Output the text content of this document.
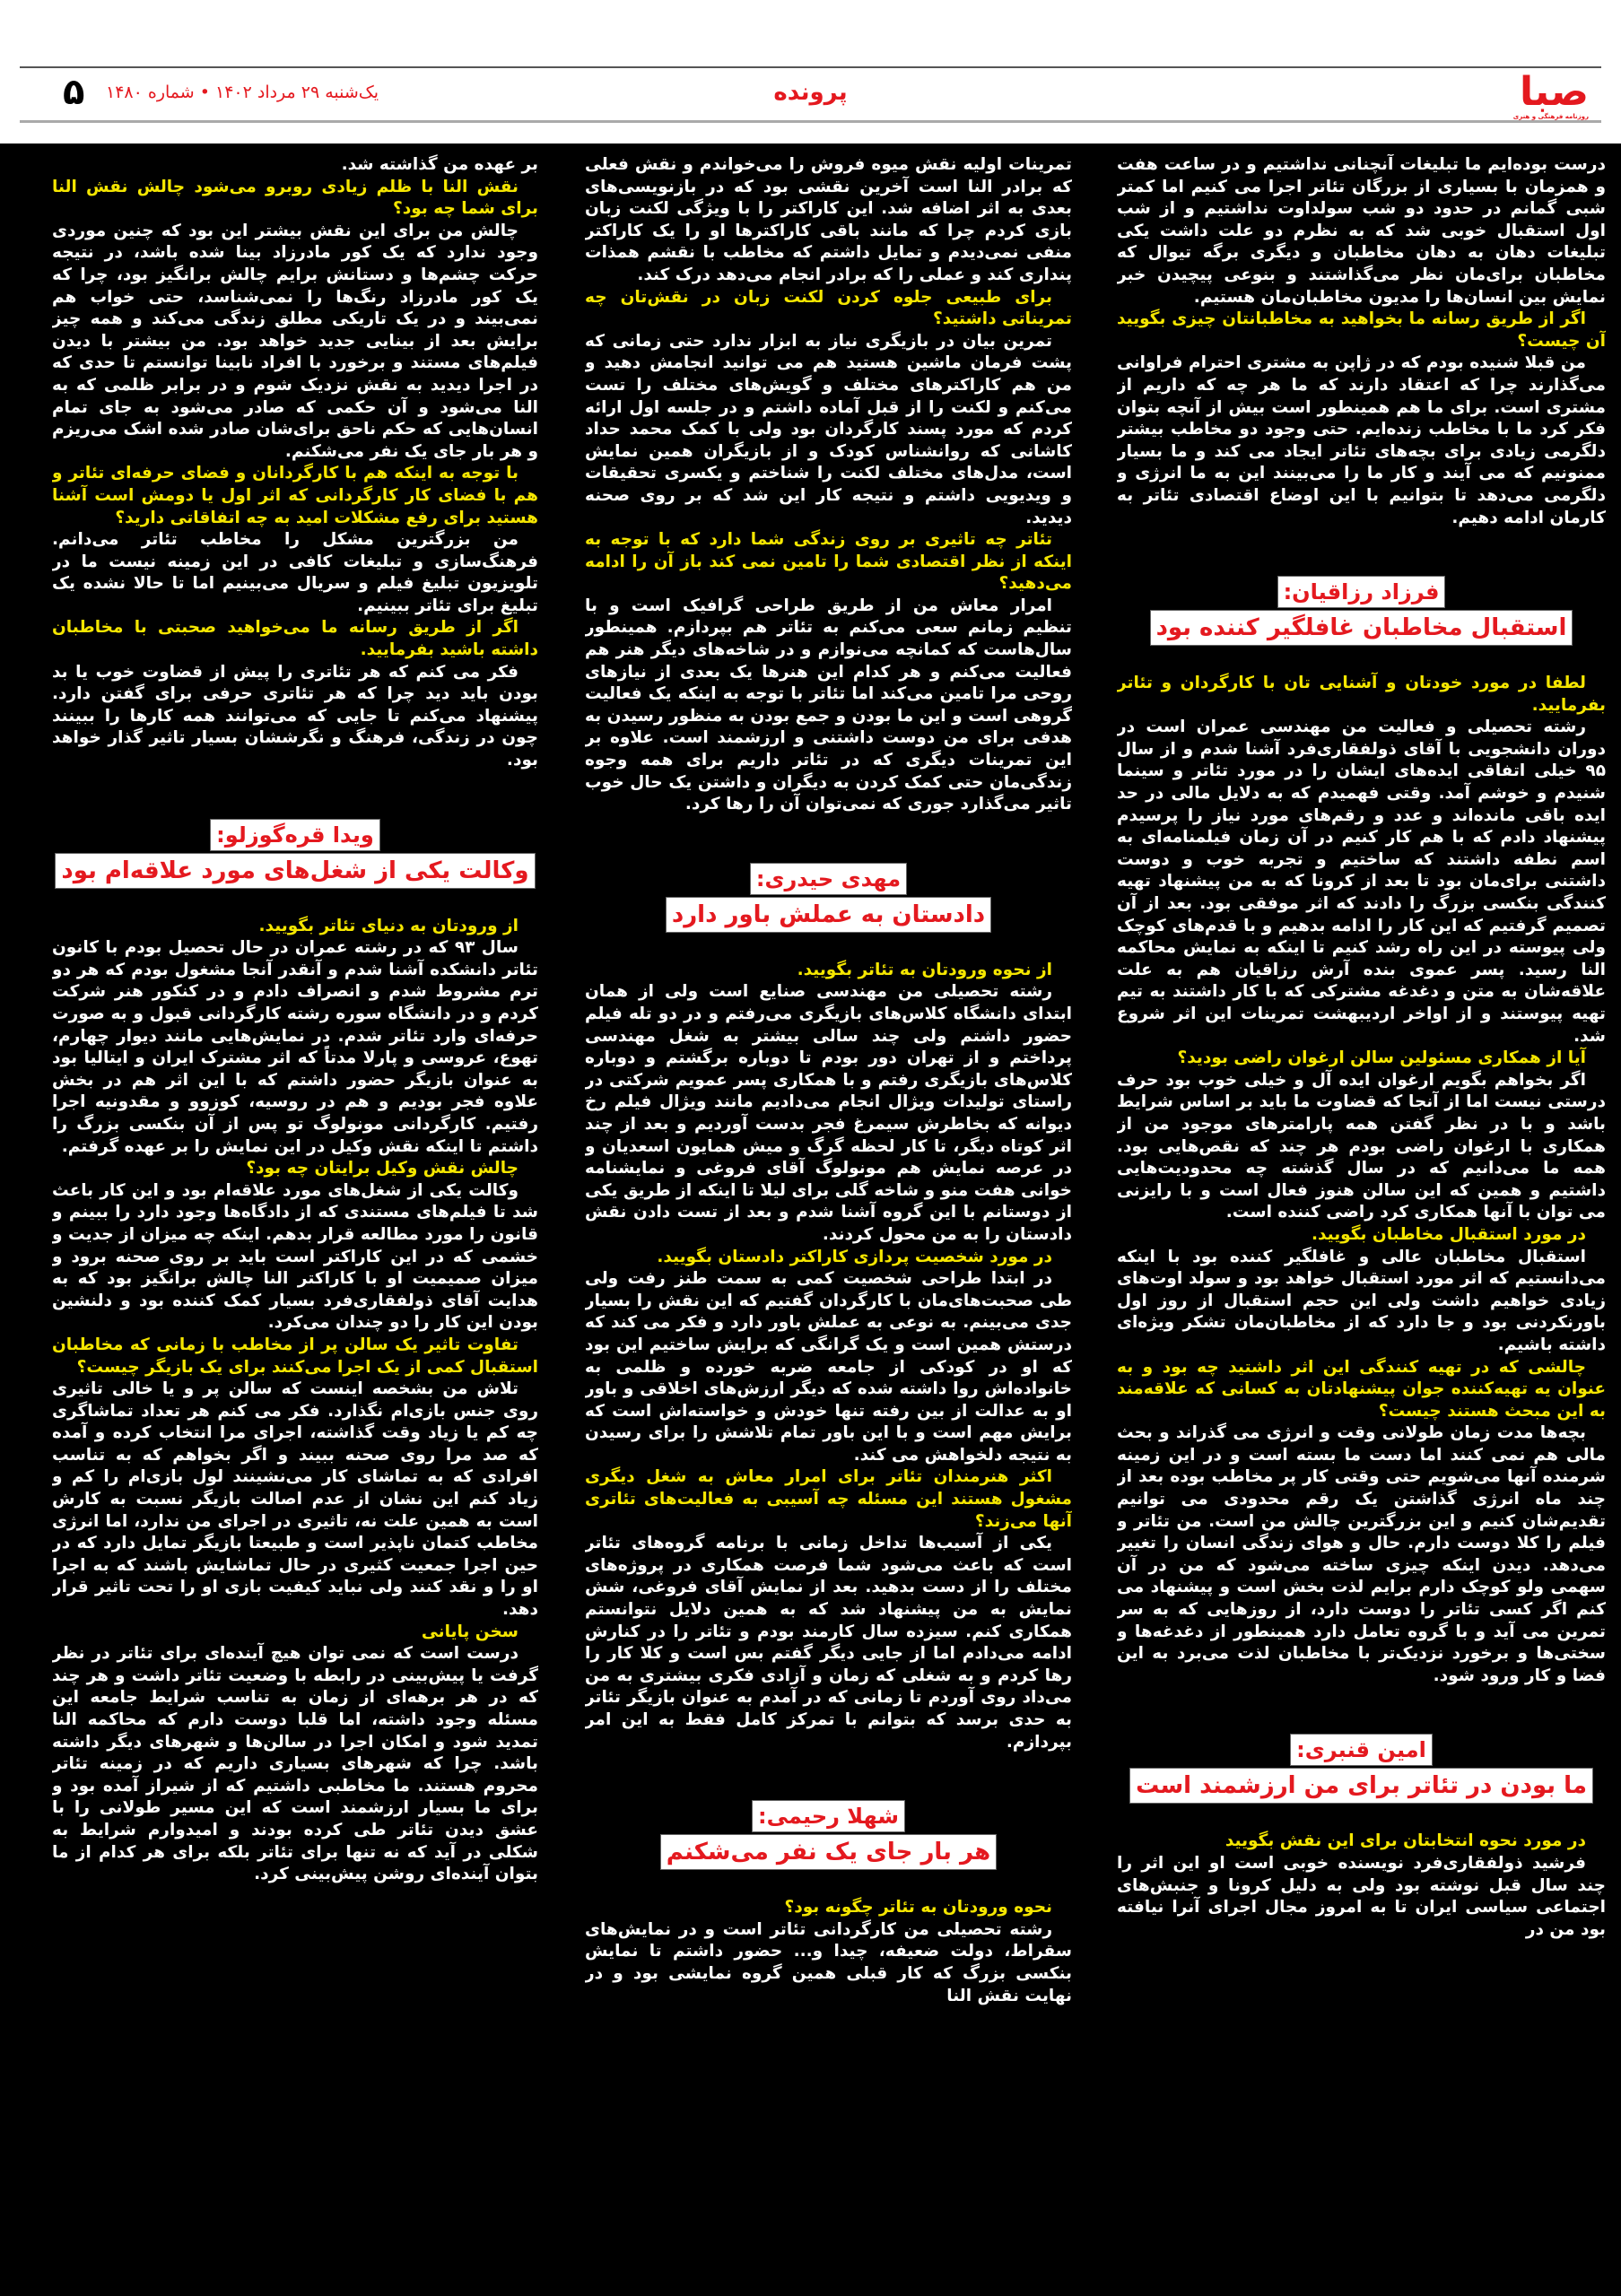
صبا
روزنامه فرهنگی و هنری
پرونده
یک‌شنبه ۲۹ مرداد ۱۴۰۲ • شماره ۱۴۸۰
۵

درست بوده‌ایم ما تبلیغات آنچنانی نداشتیم و در ساعت هفت و همزمان با بسیاری از بزرگان تئاتر اجرا می کنیم اما کمتر شبی گمانم در حدود دو شب سولداوت نداشتیم و از شب اول استقبال خوبی شد که به نظرم دو علت داشت یکی تبلیغات دهان به دهان مخاطبان و دیگری برگه تیوال که مخاطبان برای‌مان نظر می‌گذاشتند و بنوعی پیچیدن خبر نمایش بین انسان‌ها را مدیون مخاطبان‌مان هستیم.

اگر از طریق رسانه ما بخواهید به مخاطبانتان چیزی بگویید آن چیست؟

من قبلا شنیده بودم که در ژاپن به مشتری احترام فراوانی می‌گذارند چرا که اعتقاد دارند که ما هر چه که داریم از مشتری است. برای ما هم همینطور است بیش از آنچه بتوان فکر کرد ما با مخاطب زنده‌ایم. حتی وجود دو مخاطب بیشتر دلگرمی زیادی برای بچه‌های تئاتر ایجاد می کند و ما بسیار ممنونیم که می آیند و کار ما را می‌بینند این به ما انرژی و دلگرمی می‌دهد تا بتوانیم با این اوضاع اقتصادی تئاتر به کارمان ادامه دهیم.

فرزاد رزاقیان:
استقبال مخاطبان غافلگیر کننده بود

لطفا در مورد خودتان و آشنایی تان با کارگردان و تئاتر بفرمایید.

رشته تحصیلی و فعالیت من مهندسی عمران است در دوران دانشجویی با آقای ذولفقاری‌فرد آشنا شدم و از سال ۹۵ خیلی اتفاقی ایده‌های ایشان را در مورد تئاتر و سینما شنیدم و خوشم آمد. وقتی فهمیدم که به دلایل مالی در حد ایده باقی مانده‌اند و عدد و رقم‌های مورد نیاز را پرسیدم پیشنهاد دادم که با هم کار کنیم در آن زمان فیلمنامه‌ای به اسم نطفه داشتند که ساختیم و تجربه خوب و دوست داشتنی برای‌مان بود تا بعد از کرونا که به من پیشنهاد تهیه کنندگی بنکسی بزرگ را دادند که اثر موفقی بود. بعد از آن تصمیم گرفتیم که این کار را ادامه بدهیم و با قدم‌های کوچک ولی پیوسته در این راه رشد کنیم تا اینکه به نمایش محاکمه النا رسید. پسر عموی بنده آرش رزاقیان هم به علت علاقه‌شان به متن و دغدغه مشترکی که با کار داشتند به تیم تهیه پیوستند و از اواخر اردیبهشت تمرینات این اثر شروع شد.

آیا از همکاری مسئولین سالن ارغوان راضی بودید؟

اگر بخواهم بگویم ارغوان ایده آل و خیلی خوب بود حرف درستی نیست اما از آنجا که قضاوت ما باید بر اساس شرایط باشد و با در نظر گفتن همه پارامترهای موجود من از همکاری با ارغوان راضی بودم هر چند که نقص‌هایی بود. همه ما می‌دانیم که در سال گذشته چه محدودیت‌هایی داشتیم و همین که این سالن هنوز فعال است و با رایزنی می توان با آنها همکاری کرد راضی کننده است.

در مورد استقبال مخاطبان بگویید.

استقبال مخاطبان عالی و غافلگیر کننده بود با اینکه می‌دانستیم که اثر مورد استقبال خواهد بود و سولد اوت‌های زیادی خواهیم داشت ولی این حجم استقبال از روز اول باورنکردنی بود و جا دارد که از مخاطبان‌مان تشکر ویژه‌ای داشته باشیم.

چالشی که در تهیه کنندگی این اثر داشتید چه بود و به عنوان یه تهیه‌کننده جوان پیشنهادتان به کسانی که علاقه‌مند به این مبحث هستند چیست؟

بچه‌ها مدت زمان طولانی وقت و انرژی می گذراند و بحث مالی هم نمی کنند اما دست ما بسته است و در این زمینه شرمنده آنها می‌شویم حتی وقتی کار پر مخاطب بوده بعد از چند ماه انرژی گذاشتن یک رقم محدودی می توانیم تقدیم‌شان کنیم و این بزرگترین چالش من است. من تئاتر و فیلم را کلا دوست دارم. حال و هوای زندگی انسان را تغییر می‌دهد. دیدن اینکه چیزی ساخته می‌شود که من در آن سهمی ولو کوچک دارم برایم لذت بخش است و پیشنهاد می کنم اگر کسی تئاتر را دوست دارد، از روزهایی که به سر تمرین می آید و با گروه تعامل دارد همینطور از دغدغه‌ها و سختی‌ها و برخورد نزدیک‌تر با مخاطبان لذت می‌برد به این فضا و کار ورود شود.

امین قنبری:
ما بودن در تئاتر برای من ارزشمند است

در مورد نحوه انتخابتان برای این نقش بگویید

فرشید ذولفقاری‌فرد نویسنده خوبی است او این اثر را چند سال قبل نوشته بود ولی به دلیل کرونا و جنبش‌های اجتماعی سیاسی ایران تا به امروز مجال اجرای آنرا نیافته بود من در

تمرینات اولیه نقش میوه فروش را می‌خواندم و نقش فعلی که برادر النا است آخرین نقشی بود که در بازنویسی‌های بعدی به اثر اضافه شد. این کاراکتر را با ویژگی لکنت زبان بازی کردم چرا که مانند باقی کاراکترها او را یک کاراکتر منفی نمی‌دیدم و تمایل داشتم که مخاطب با نقشم همذات پنداری کند و عملی را که برادر انجام می‌دهد درک کند.

برای طبیعی جلوه کردن لکنت زبان در نقش‌تان چه تمریناتی داشتید؟

تمرین بیان در بازیگری نیاز به ابزار ندارد حتی زمانی که پشت فرمان ماشین هستید هم می توانید انجامش دهید و من هم کاراکترهای مختلف و گویش‌های مختلف را تست می‌کنم و لکنت را از قبل آماده داشتم و در جلسه اول ارائه کردم که مورد پسند کارگردان بود ولی با کمک محمد حداد کاشانی که روانشناس کودک و از بازیگران همین نمایش است، مدل‌های مختلف لکنت را شناختم و یکسری تحقیقات و ویدیویی داشتم و نتیجه کار این شد که بر روی صحنه دیدید.

تئاتر چه تاثیری بر روی زندگی شما دارد که با توجه به اینکه از نظر اقتصادی شما را تامین نمی کند باز آن را ادامه می‌دهید؟

امرار معاش من از طریق طراحی گرافیک است و با تنظیم زمانم سعی می‌کنم به تئاتر هم بپردازم. همینطور سال‌هاست که کمانچه می‌نوازم و در شاخه‌های دیگر هنر هم فعالیت می‌کنم و هر کدام این هنرها یک بعدی از نیازهای روحی مرا تامین می‌کند اما تئاتر با توجه به اینکه یک فعالیت گروهی است و این ما بودن و جمع بودن به منظور رسیدن به هدفی برای من دوست داشتنی و ارزشمند است. علاوه بر این تمرینات دیگری که در تئاتر داریم برای همه وجوه زندگی‌مان حتی کمک کردن به دیگران و داشتن یک حال خوب تاثیر می‌گذارد جوری که نمی‌توان آن را رها کرد.

مهدی حیدری:
دادستان به عملش باور دارد

از نحوه ورودتان به تئاتر بگویید.

رشته تحصیلی من مهندسی صنایع است ولی از همان ابتدای دانشگاه کلاس‌های بازیگری می‌رفتم و در دو تله فیلم حضور داشتم ولی چند سالی بیشتر به شغل مهندسی پرداختم و از تهران دور بودم تا دوباره برگشتم و دوباره کلاس‌های بازیگری رفتم و با همکاری پسر عمویم شرکتی در راستای تولیدات ویژال انجام می‌دادیم مانند ویژال فیلم رخ دیوانه که بخاطرش سیمرغ فجر بدست آوردیم و بعد از چند اثر کوتاه دیگر، تا کار لحظه گرگ و میش همایون اسعدیان و در عرصه نمایش هم مونولوگ آقای فروغی و نمایشنامه خوانی هفت منو و شاخه گلی برای لیلا تا اینکه از طریق یکی از دوستانم با این گروه آشنا شدم و بعد از تست دادن نقش دادستان را به من محول کردند.

در مورد شخصیت پردازی کاراکتر دادستان بگویید.

در ابتدا طراحی شخصیت کمی به سمت طنز رفت ولی طی صحبت‌های‌مان با کارگردان گفتیم که این نقش را بسیار جدی می‌بینم. به نوعی به عملش باور دارد و فکر می کند که درستش همین است و یک گرانگی که برایش ساختیم این بود که او در کودکی از جامعه ضربه خورده و ظلمی به خانواده‌اش روا داشته شده که دیگر ارزش‌های اخلاقی و باور او به عدالت از بین رفته تنها خودش و خواسته‌اش است که برایش مهم است و با این باور تمام تلاشش را برای رسیدن به نتیجه دلخواهش می کند.

اکثر هنرمندان تئاتر برای امرار معاش به شغل دیگری مشغول هستند این مسئله چه آسیبی به فعالیت‌های تئاتری آنها می‌زند؟

یکی از آسیب‌ها تداخل زمانی با برنامه گروه‌های تئاتر است که باعث می‌شود شما فرصت همکاری در پروژه‌های مختلف را از دست بدهید. بعد از نمایش آقای فروغی، شش نمایش به من پیشنهاد شد که به همین دلایل نتوانستم همکاری کنم. سیزده سال کارمند بودم و تئاتر را در کنارش ادامه می‌دادم اما از جایی دیگر گفتم بس است و کلا کار را رها کردم و به شغلی که زمان و آزادی فکری بیشتری به من می‌داد روی آوردم تا زمانی که در آمدم به عنوان بازیگر تئاتر به حدی برسد که بتوانم با تمرکز کامل فقط به این امر بپردازم.

شهلا رحیمی:
هر بار جای یک نفر می‌شکنم

نحوه ورودتان به تئاتر چگونه بود؟

رشته تحصیلی من کارگردانی تئاتر است و در نمایش‌های سقراط، دولت ضعیفه، چیدا و... حضور داشتم تا نمایش بنکسی بزرگ که کار قبلی همین گروه نمایشی بود و در نهایت نقش النا

بر عهده من گذاشته شد.

نقش النا با ظلم زیادی روبرو می‌شود چالش نقش النا برای شما چه بود؟

چالش من برای این نقش بیشتر این بود که چنین موردی وجود ندارد که یک کور مادرزاد بینا شده باشد، در نتیجه حرکت چشم‌ها و دستانش برایم چالش برانگیز بود، چرا که یک کور مادرزاد رنگ‌ها را نمی‌شناسد، حتی خواب هم نمی‌بیند و در یک تاریکی مطلق زندگی می‌کند و همه چیز برایش بعد از بینایی جدید خواهد بود. من بیشتر با دیدن فیلم‌های مستند و برخورد با افراد نابینا توانستم تا حدی که در اجرا دیدید به نقش نزدیک شوم و در برابر ظلمی که به النا می‌شود و آن حکمی که صادر می‌شود به جای تمام انسان‌هایی که حکم ناحق برای‌شان صادر شده اشک می‌ریزم و هر بار جای یک نفر می‌شکنم.

با توجه به اینکه هم با کارگردانان و فضای حرفه‌ای تئاتر و هم با فضای کار کارگردانی که اثر اول یا دومش است آشنا هستید برای رفع مشکلات امید به چه اتفاقاتی دارید؟

من بزرگترین مشکل را مخاطب تئاتر می‌دانم. فرهنگ‌سازی و تبلیغات کافی در این زمینه نیست ما در تلویزیون تبلیغ فیلم و سریال می‌بینیم اما تا حالا نشده یک تبلیغ برای تئاتر ببینیم.

اگر از طریق رسانه ما می‌خواهید صحبتی با مخاطبان داشته باشید بفرمایید.

فکر می کنم که هر تئاتری را پیش از قضاوت خوب یا بد بودن باید دید چرا که هر تئاتری حرفی برای گفتن دارد. پیشنهاد می‌کنم تا جایی که می‌توانند همه کارها را ببینند چون در زندگی، فرهنگ و نگرششان بسیار تاثیر گذار خواهد بود.

ویدا قره‌گوزلو:
وکالت یکی از شغل‌های مورد علاقه‌ام بود

از ورودتان به دنیای تئاتر بگویید.

سال ۹۳ که در رشته عمران در حال تحصیل بودم با کانون تئاتر دانشکده آشنا شدم و آنقدر آنجا مشغول بودم که هر دو ترم مشروط شدم و انصراف دادم و در کنکور هنر شرکت کردم و در دانشگاه سوره رشته کارگردانی قبول و به صورت حرفه‌ای وارد تئاتر شدم. در نمایش‌هایی مانند دیوار چهارم، تهوع، عروسی و پارلا مدتاً که اثر مشترک ایران و ایتالیا بود به عنوان بازیگر حضور داشتم که با این اثر هم در بخش علاوه فجر بودیم و هم در روسیه، کوزوو و مقدونیه اجرا رفتیم. کارگردانی مونولوگ تو پس از آن بنکسی بزرگ را داشتم تا اینکه نقش وکیل در این نمایش را بر عهده گرفتم.

چالش نقش وکیل برایتان چه بود؟

وکالت یکی از شغل‌های مورد علاقه‌ام بود و این کار باعث شد تا فیلم‌های مستندی که از دادگاه‌ها وجود دارد را ببینم و قانون را مورد مطالعه قرار بدهم. اینکه چه میزان از جدیت و خشمی که در این کاراکتر است باید بر روی صحنه برود و میزان صمیمیت او با کاراکتر النا چالش برانگیز بود که به هدایت آقای ذولفقاری‌فرد بسیار کمک کننده بود و دلنشین بودن این کار را دو چندان می‌کرد.

تفاوت تاثیر یک سالن پر از مخاطب با زمانی که مخاطبان استقبال کمی از یک اجرا می‌کنند برای یک بازیگر چیست؟

تلاش من بشخصه اینست که سالن پر و یا خالی تاثیری روی جنس بازی‌ام نگذارد. فکر می کنم هر تعداد تماشاگری چه کم یا زیاد وقت گذاشته، اجرای مرا انتخاب کرده و آمده که صد مرا روی صحنه ببیند و اگر بخواهم که به تناسب افرادی که به تماشای کار می‌نشینند لول بازی‌ام را کم و زیاد کنم این نشان از عدم اصالت بازیگر نسبت به کارش است به همین علت نه، تاثیری در اجرای من ندارد، اما انرژی مخاطب کتمان ناپذیر است و طبیعتا بازیگر تمایل دارد که در حین اجرا جمعیت کثیری در حال تماشایش باشند که به اجرا او را و نقد کنند ولی نباید کیفیت بازی او را تحت تاثیر قرار دهد.

سخن پایانی

درست است که نمی توان هیچ آینده‌ای برای تئاتر در نظر گرفت یا پیش‌بینی در رابطه با وضعیت تئاتر داشت و هر چند که در هر برهه‌ای از زمان به تناسب شرایط جامعه این مسئله وجود داشته، اما قلبا دوست دارم که محاکمه النا تمدید شود و امکان اجرا در سالن‌ها و شهرهای دیگر داشته باشد. چرا که شهرهای بسیاری داریم که در زمینه تئاتر محروم هستند. ما مخاطبی داشتیم که از شیراز آمده بود و برای ما بسیار ارزشمند است که این مسیر طولانی را با عشق دیدن تئاتر طی کرده بودند و امیدوارم شرایط به شکلی در آید که نه تنها برای تئاتر بلکه برای هر کدام از ما بتوان آینده‌ای روشن پیش‌بینی کرد.
